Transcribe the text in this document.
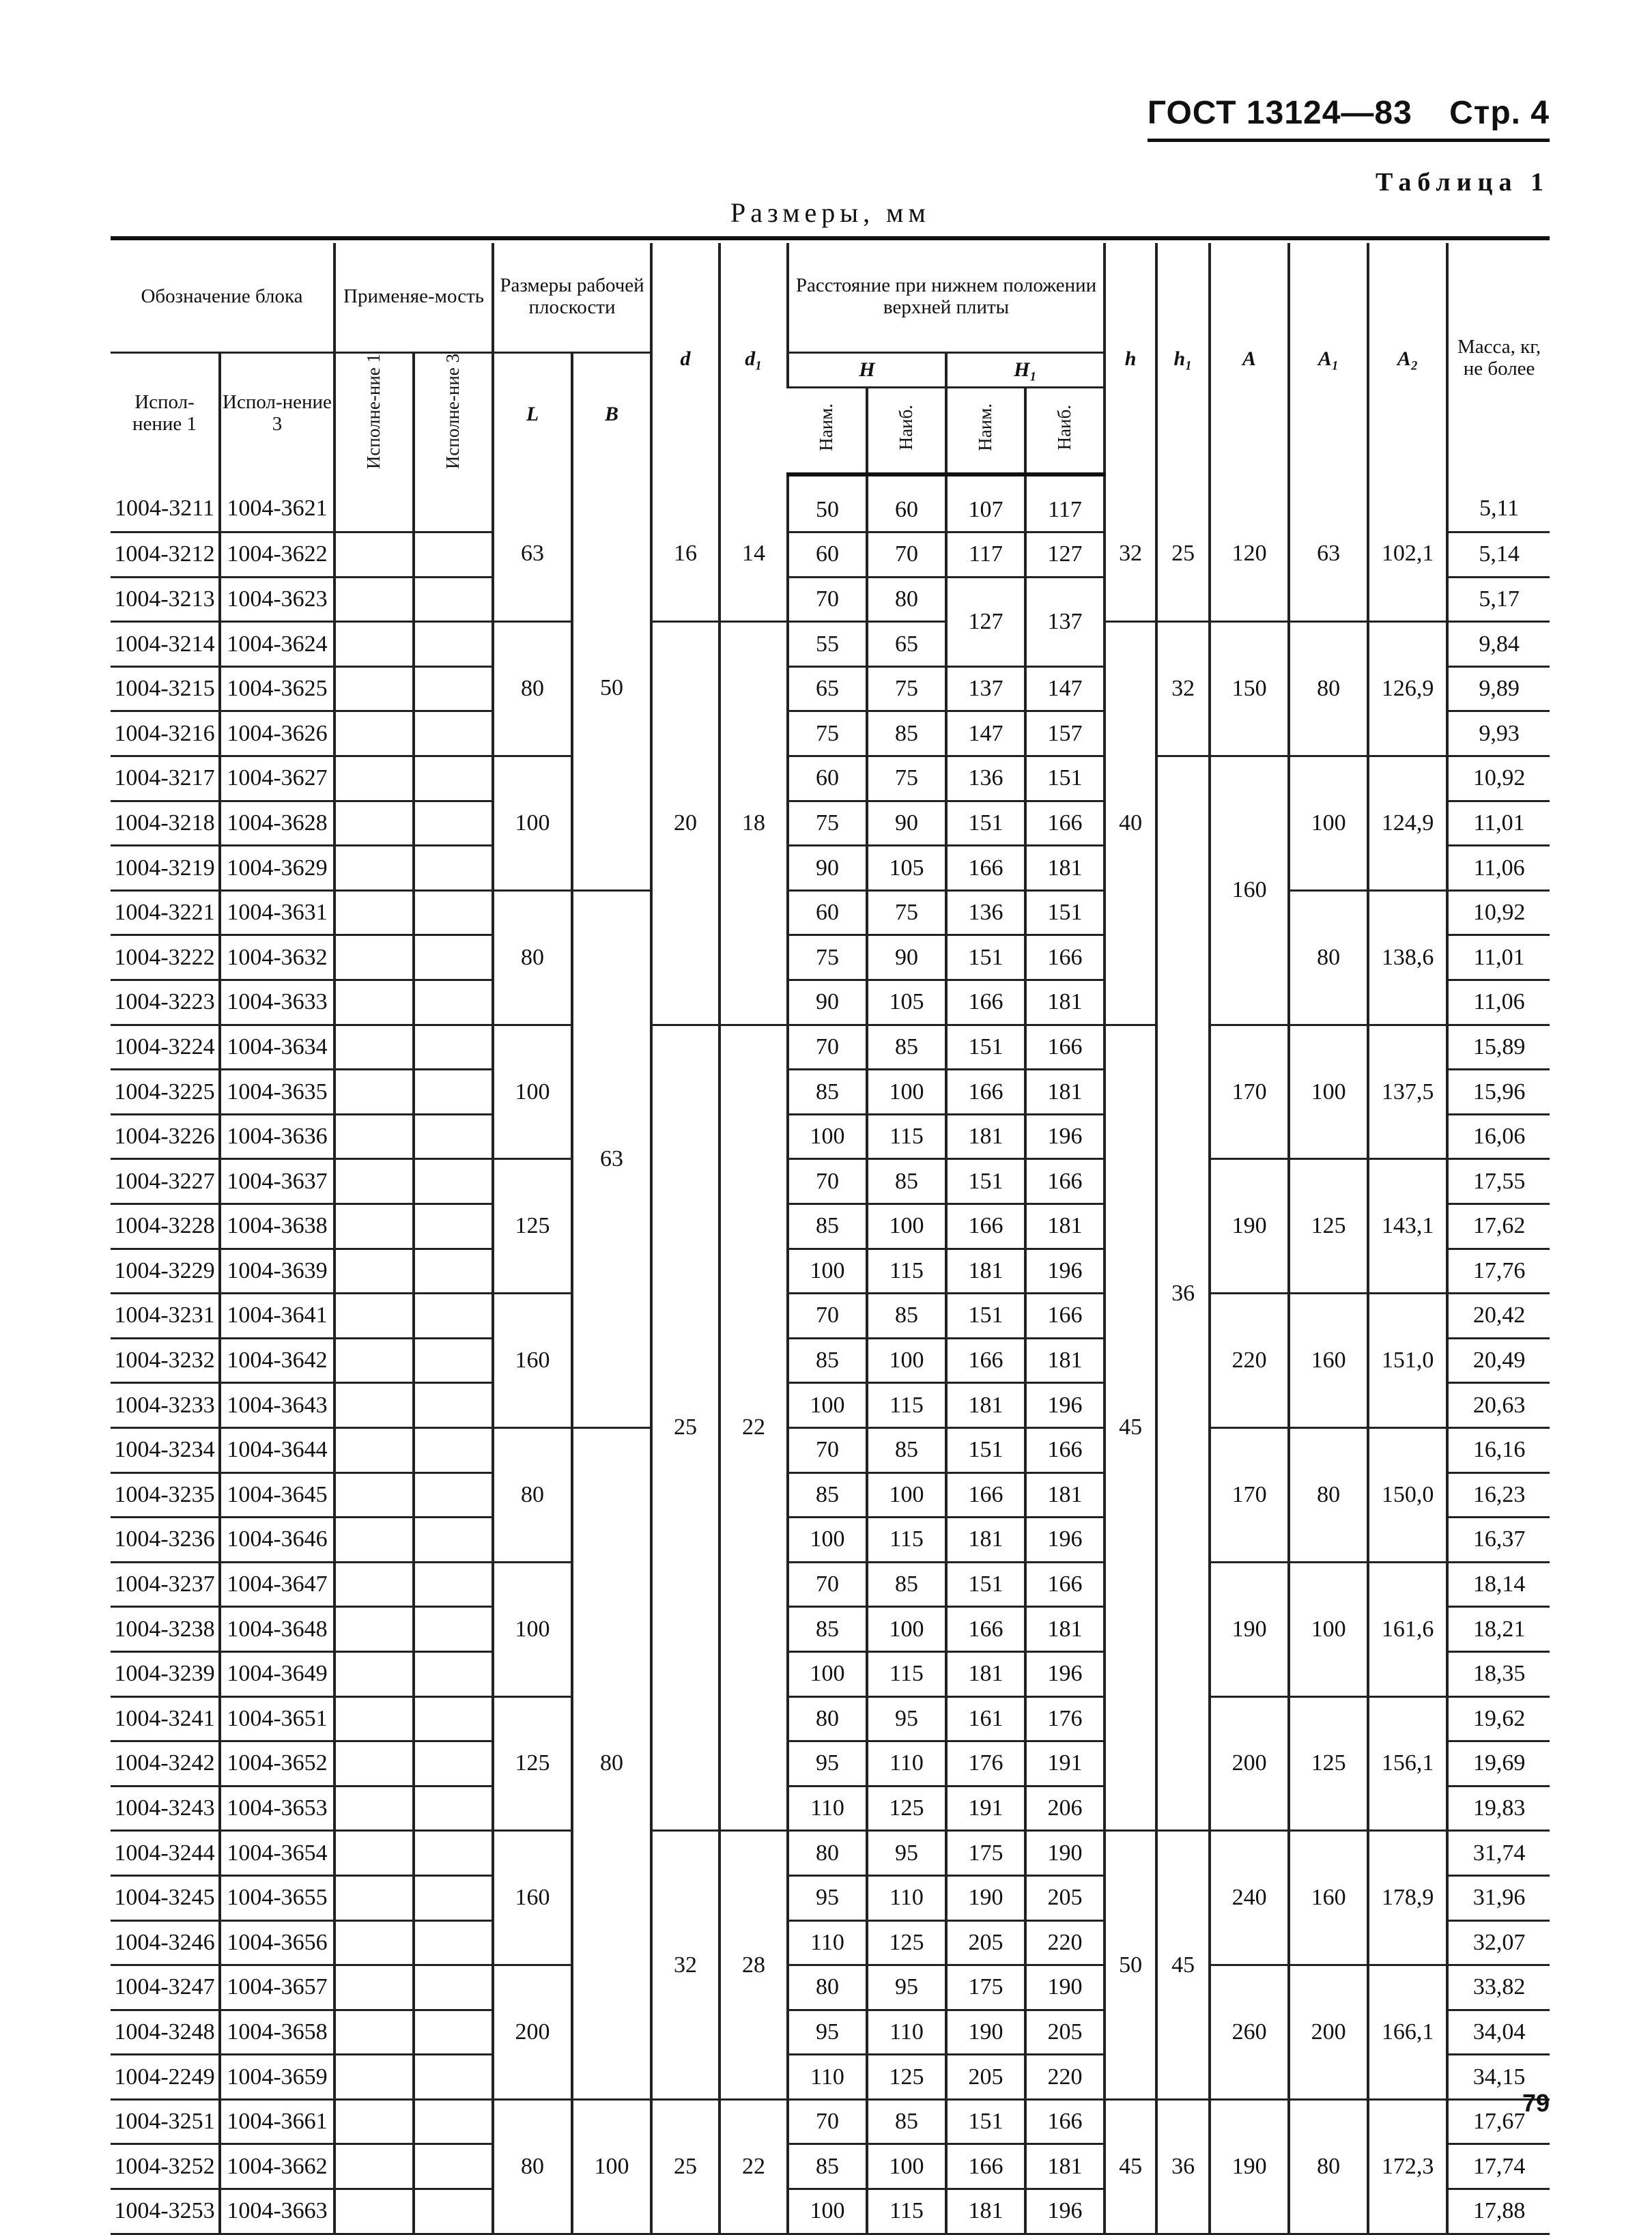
ГОСТ 13124—83 Стр. 4
Таблица 1
Размеры, мм
Обозначение блока		Применяе-мость		Размеры рабочей плоскости		d	d₁	Расстояние при нижнем положении верхней плиты				h	h₁	A	A₁	A₂	Масса, кг, не более
Испол-нение 1	Испол-нение 3	Исполне-ние 1	Исполне-ние 3	L	B			H		H₁							
								Наим.	Наиб.	Наим.	Наиб.						
1004-3211	1004-3621			63	50	16	14	50	60	107	117	32	25	120	63	102,1	5,11
1004-3212	1004-3622							60	70	117	127						5,14
1004-3213	1004-3623							70	80	127	137						5,17
1004-3214	1004-3624			80		20	18	55	65			40	32	150	80	126,9	9,84
1004-3215	1004-3625							65	75	137	147						9,89
1004-3216	1004-3626							75	85	147	157						9,93
1004-3217	1004-3627			100				60	75	136	151		36	160	100	124,9	10,92
1004-3218	1004-3628							75	90	151	166						11,01
1004-3219	1004-3629							90	105	166	181						11,06
1004-3221	1004-3631			80	63			60	75	136	151				80	138,6	10,92
1004-3222	1004-3632							75	90	151	166						11,01
1004-3223	1004-3633							90	105	166	181						11,06
1004-3224	1004-3634			100		25	22	70	85	151	166	45		170	100	137,5	15,89
1004-3225	1004-3635							85	100	166	181						15,96
1004-3226	1004-3636							100	115	181	196						16,06
1004-3227	1004-3637			125				70	85	151	166			190	125	143,1	17,55
1004-3228	1004-3638							85	100	166	181						17,62
1004-3229	1004-3639							100	115	181	196						17,76
1004-3231	1004-3641			160				70	85	151	166			220	160	151,0	20,42
1004-3232	1004-3642							85	100	166	181						20,49
1004-3233	1004-3643							100	115	181	196						20,63
1004-3234	1004-3644			80	80			70	85	151	166			170	80	150,0	16,16
1004-3235	1004-3645							85	100	166	181						16,23
1004-3236	1004-3646							100	115	181	196						16,37
1004-3237	1004-3647			100				70	85	151	166			190	100	161,6	18,14
1004-3238	1004-3648							85	100	166	181						18,21
1004-3239	1004-3649							100	115	181	196						18,35
1004-3241	1004-3651			125				80	95	161	176			200	125	156,1	19,62
1004-3242	1004-3652							95	110	176	191						19,69
1004-3243	1004-3653							110	125	191	206						19,83
1004-3244	1004-3654			160		32	28	80	95	175	190	50	45	240	160	178,9	31,74
1004-3245	1004-3655							95	110	190	205						31,96
1004-3246	1004-3656							110	125	205	220						32,07
1004-3247	1004-3657			200				80	95	175	190			260	200	166,1	33,82
1004-3248	1004-3658							95	110	190	205						34,04
1004-2249	1004-3659							110	125	205	220						34,15
1004-3251	1004-3661			80	100	25	22	70	85	151	166	45	36	190	80	172,3	17,67
1004-3252	1004-3662							85	100	166	181						17,74
1004-3253	1004-3663							100	115	181	196						17,88
79
